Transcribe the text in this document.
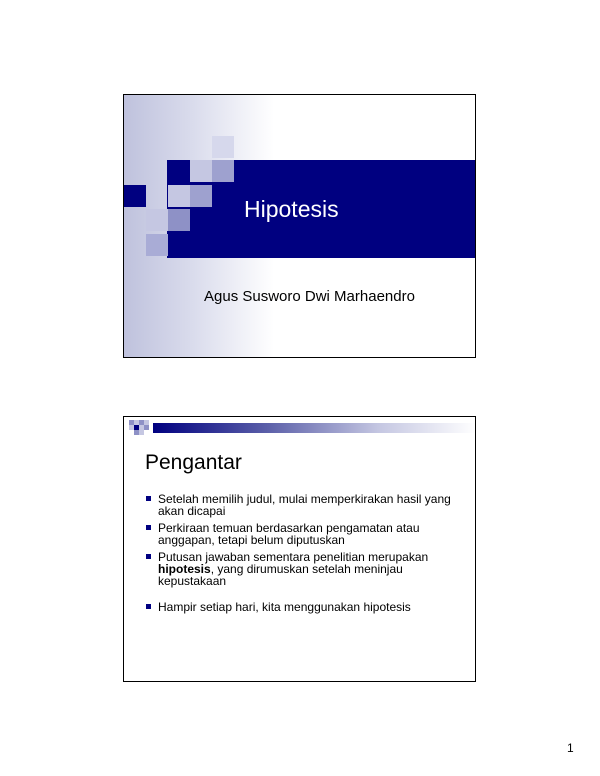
Hipotesis
Agus Susworo Dwi Marhaendro
Pengantar
Setelah memilih judul, mulai memperkirakan hasil yang akan dicapai
Perkiraan temuan berdasarkan pengamatan atau anggapan, tetapi belum diputuskan
Putusan jawaban sementara penelitian merupakan hipotesis, yang dirumuskan setelah meninjau kepustakaan
Hampir setiap hari, kita menggunakan hipotesis
1
